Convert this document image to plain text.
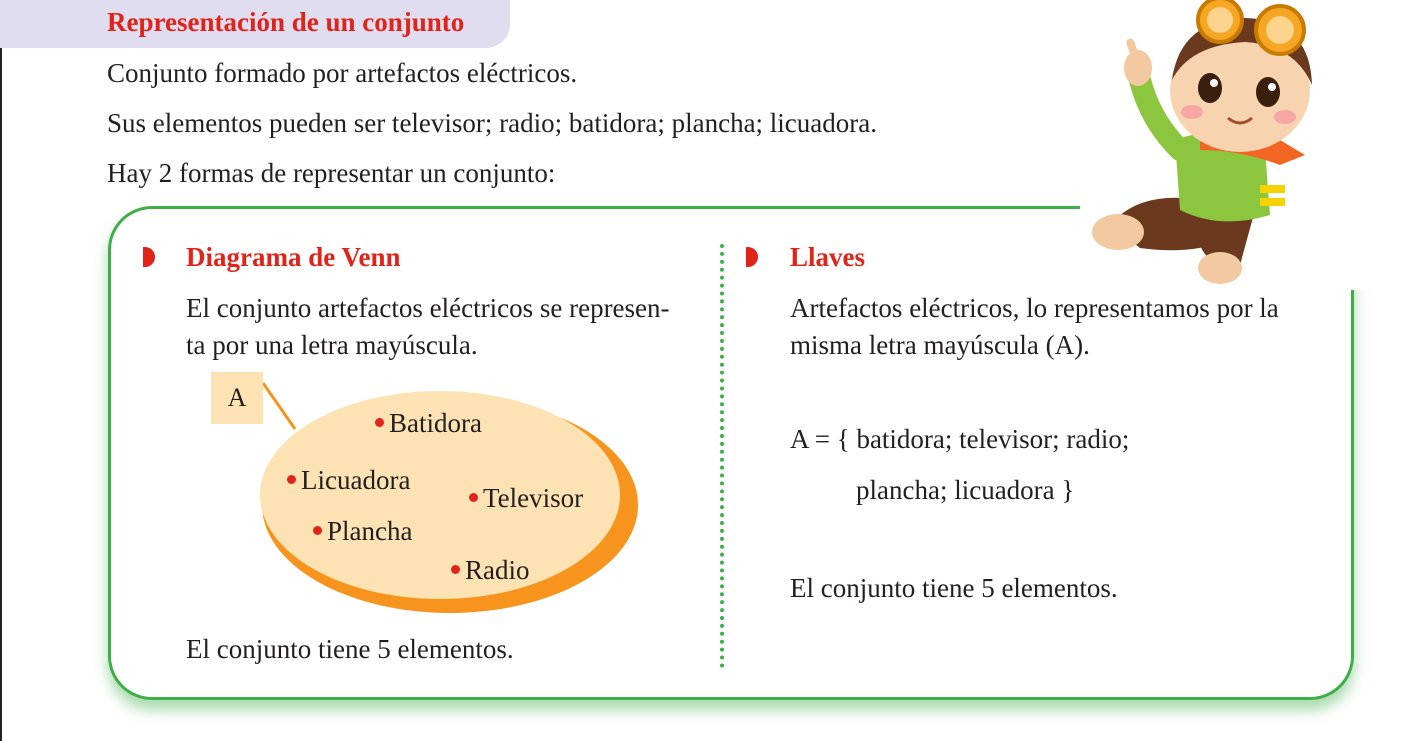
Representación de un conjunto
Conjunto formado por artefactos eléctricos.
Sus elementos pueden ser televisor; radio; batidora; plancha; licuadora.
Hay 2 formas de representar un conjunto:
Diagrama de Venn
El conjunto artefactos eléctricos se represen-
ta por una letra mayúscula.
A
Batidora
Licuadora
Televisor
Plancha
Radio
El conjunto tiene 5 elementos.
Llaves
Artefactos eléctricos, lo representamos por la
misma letra mayúscula (A).
A = { batidora; televisor; radio;
plancha; licuadora }
El conjunto tiene 5 elementos.
